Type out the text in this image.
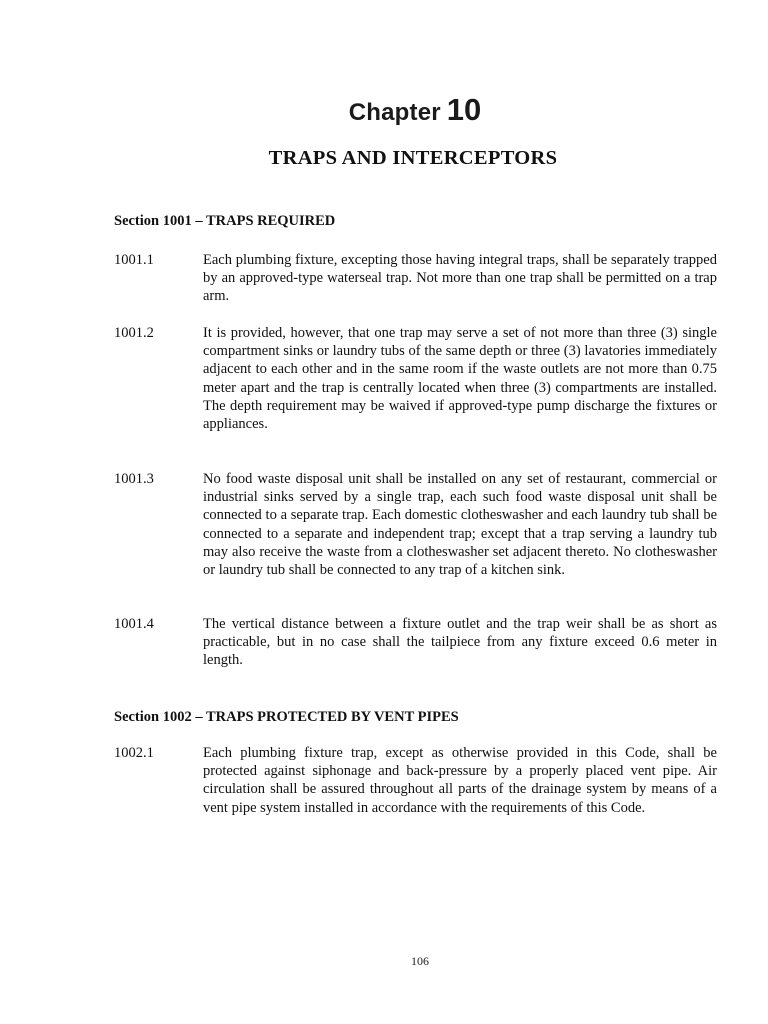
Chapter 10
TRAPS AND INTERCEPTORS
Section 1001 – TRAPS REQUIRED
1001.1	Each plumbing fixture, excepting those having integral traps, shall be separately trapped by an approved-type waterseal trap. Not more than one trap shall be permitted on a trap arm.
1001.2	It is provided, however, that one trap may serve a set of not more than three (3) single compartment sinks or laundry tubs of the same depth or three (3) lavatories immediately adjacent to each other and in the same room if the waste outlets are not more than 0.75 meter apart and the trap is centrally located when three (3) compartments are installed. The depth requirement may be waived if approved-type pump discharge the fixtures or appliances.
1001.3	No food waste disposal unit shall be installed on any set of restaurant, commercial or industrial sinks served by a single trap, each such food waste disposal unit shall be connected to a separate trap. Each domestic clotheswasher and each laundry tub shall be connected to a separate and independent trap; except that a trap serving a laundry tub may also receive the waste from a clotheswasher set adjacent thereto. No clotheswasher or laundry tub shall be connected to any trap of a kitchen sink.
1001.4	The vertical distance between a fixture outlet and the trap weir shall be as short as practicable, but in no case shall the tailpiece from any fixture exceed 0.6 meter in length.
Section 1002 – TRAPS PROTECTED BY VENT PIPES
1002.1	Each plumbing fixture trap, except as otherwise provided in this Code, shall be protected against siphonage and back-pressure by a properly placed vent pipe. Air circulation shall be assured throughout all parts of the drainage system by means of a vent pipe system installed in accordance with the requirements of this Code.
106
